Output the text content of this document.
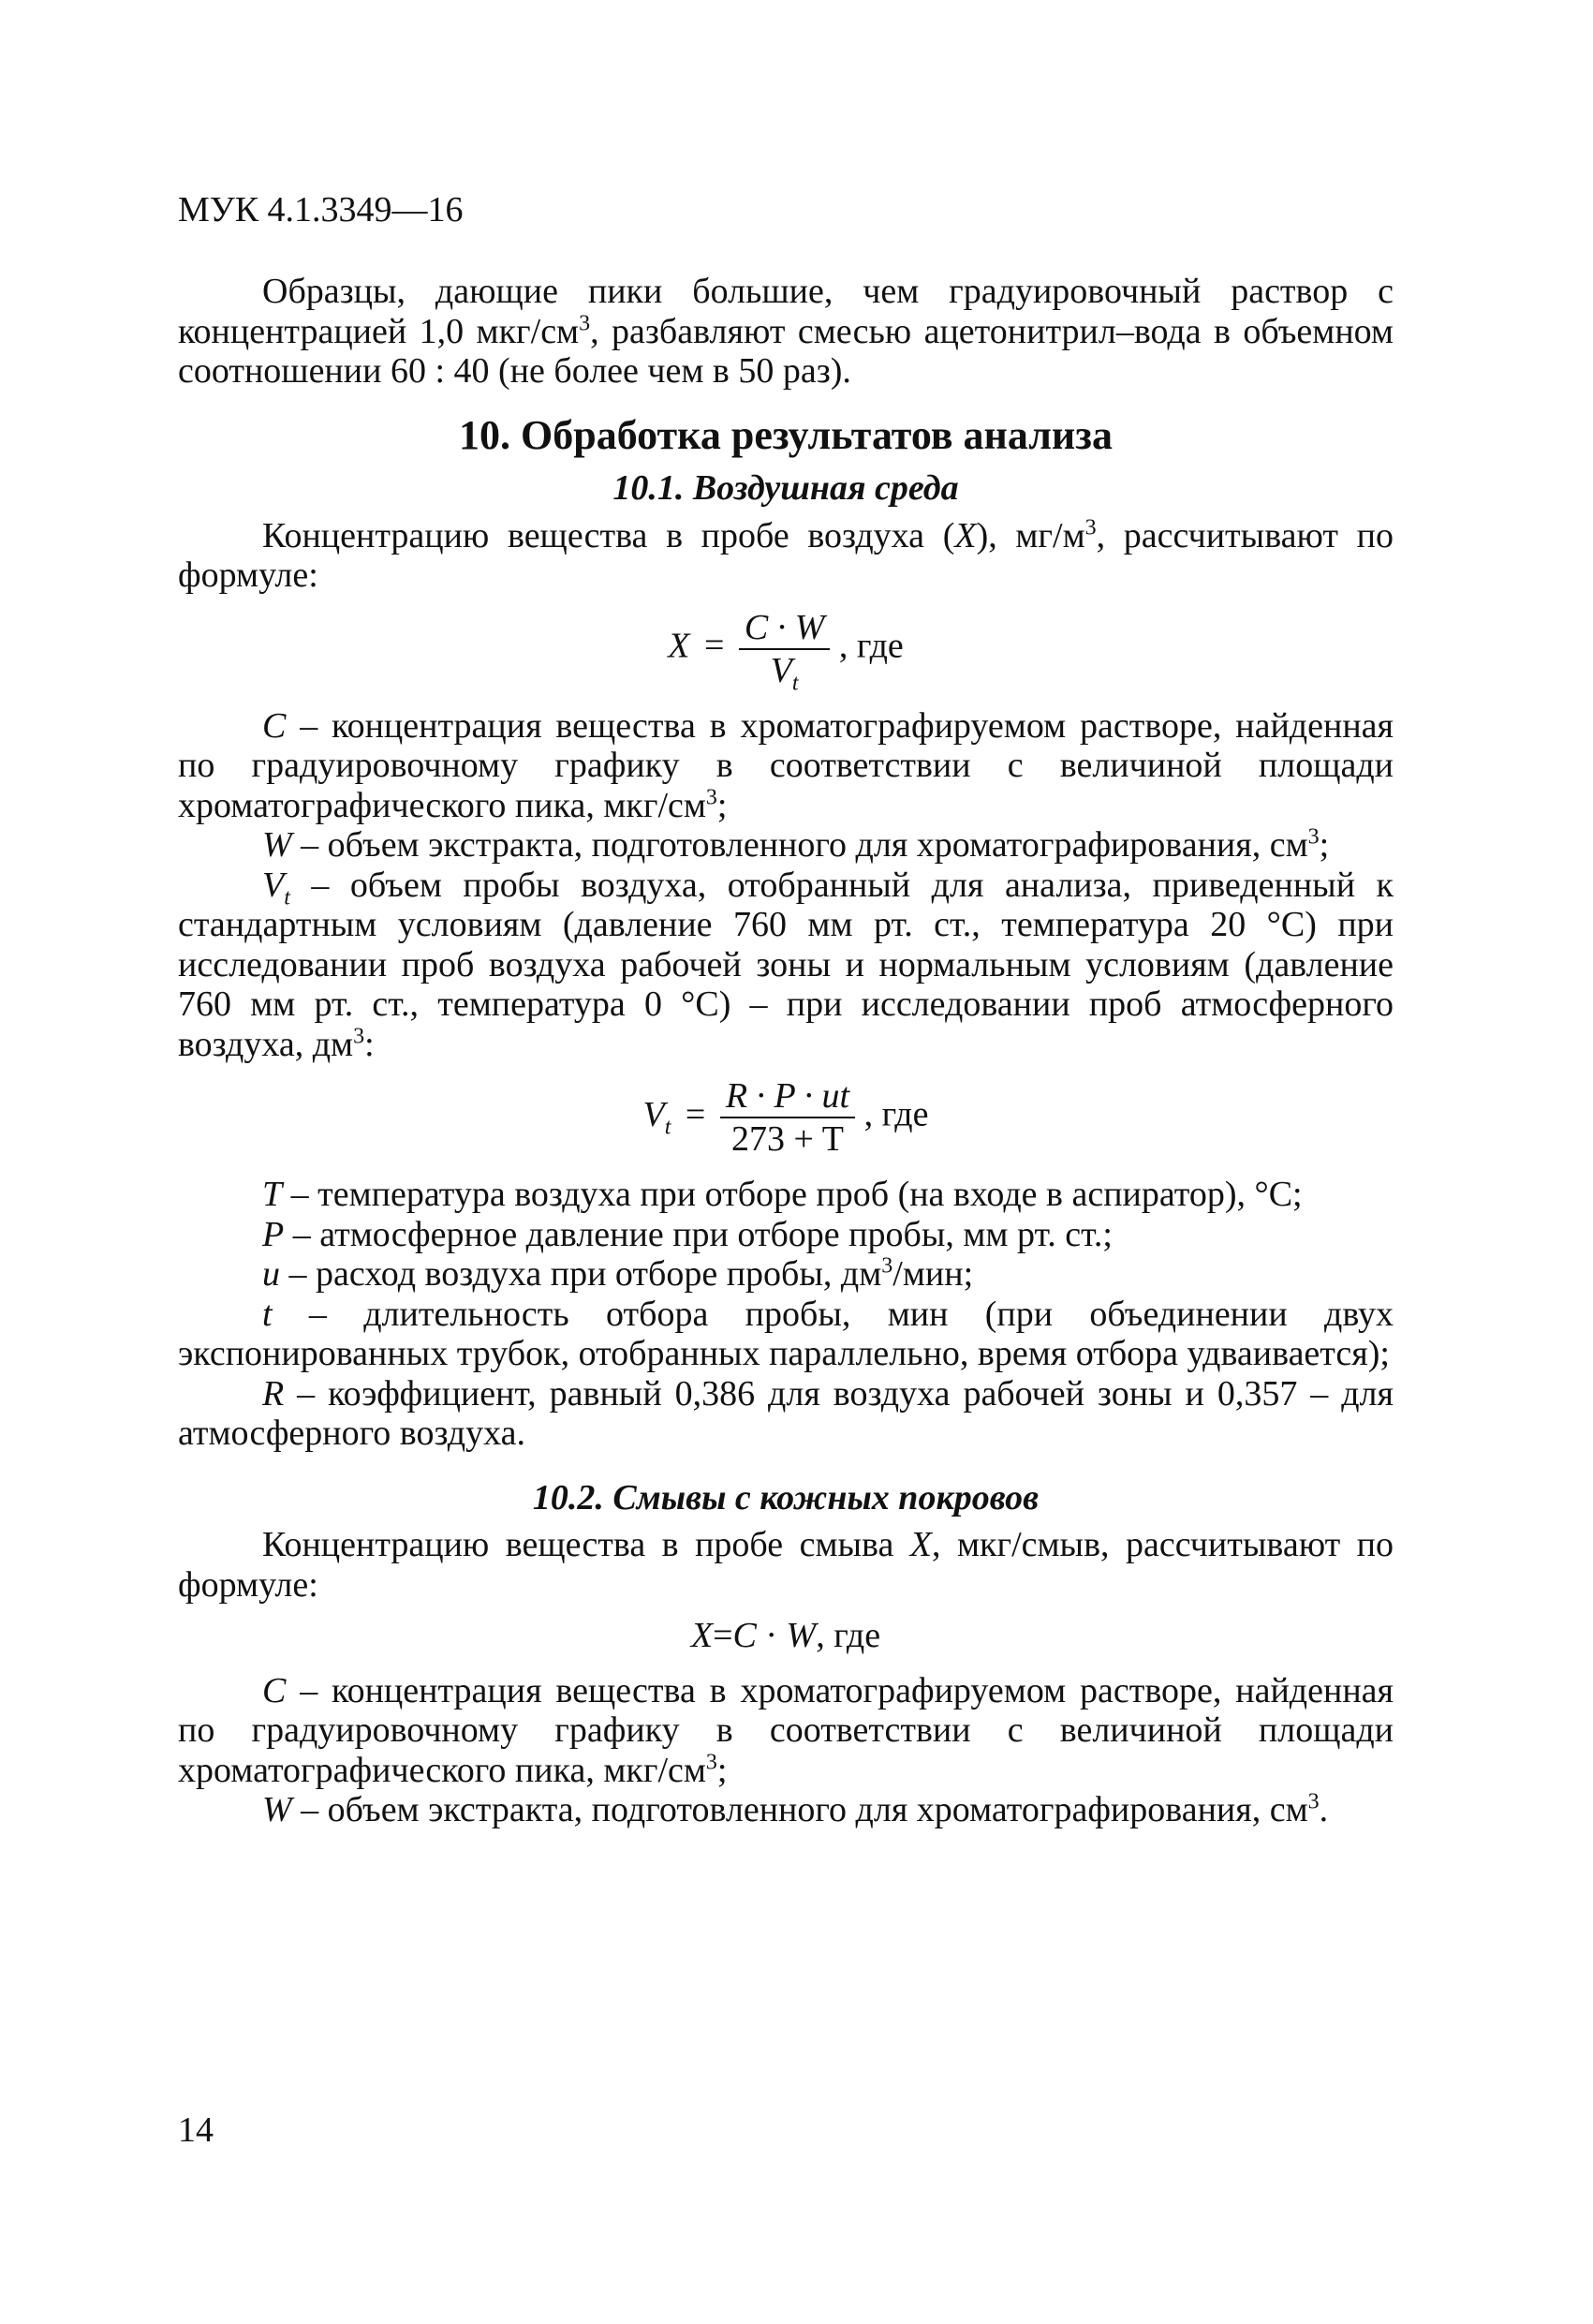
МУК 4.1.3349—16

Образцы, дающие пики большие, чем градуировочный раствор с концентрацией 1,0 мкг/$см^3$, разбавляют смесью ацетонитрил–вода в объемном соотношении 60 : 40 (не более чем в 50 раз).

10. Обработка результатов анализа
10.1. Воздушная среда

Концентрацию вещества в пробе воздуха (X), $мг/м^3$, рассчитывают по формуле:

$X = \frac{C \cdot W}{V_t}$ , где

C – концентрация вещества в хроматографируемом растворе, найденная по градуировочному графику в соответствии с величиной площади хроматографического пика, мкг/$см^3$;

W – объем экстракта, подготовленного для хроматографирования, $см^3$;

$V_t$ – объем пробы воздуха, отобранный для анализа, приведенный к стандартным условиям (давление 760 мм рт. ст., температура 20 °С) при исследовании проб воздуха рабочей зоны и нормальным условиям (давление 760 мм рт. ст., температура 0 °С) – при исследовании проб атмосферного воздуха, $дм^3$:

$V_t = \frac{R \cdot P \cdot ut}{273 + T}$ , где

T – температура воздуха при отборе проб (на входе в аспиратор), °С;

P – атмосферное давление при отборе пробы, мм рт. ст.;

u – расход воздуха при отборе пробы, $дм^3$/мин;

t – длительность отбора пробы, мин (при объединении двух экспонированных трубок, отобранных параллельно, время отбора удваивается);

R – коэффициент, равный 0,386 для воздуха рабочей зоны и 0,357 – для атмосферного воздуха.

10.2. Смывы с кожных покровов

Концентрацию вещества в пробе смыва X, мкг/смыв, рассчитывают по формуле:

X=C · W, где

C – концентрация вещества в хроматографируемом растворе, найденная по градуировочному графику в соответствии с величиной площади хроматографического пика, мкг/$см^3$;

W – объем экстракта, подготовленного для хроматографирования, $см^3$.

14
